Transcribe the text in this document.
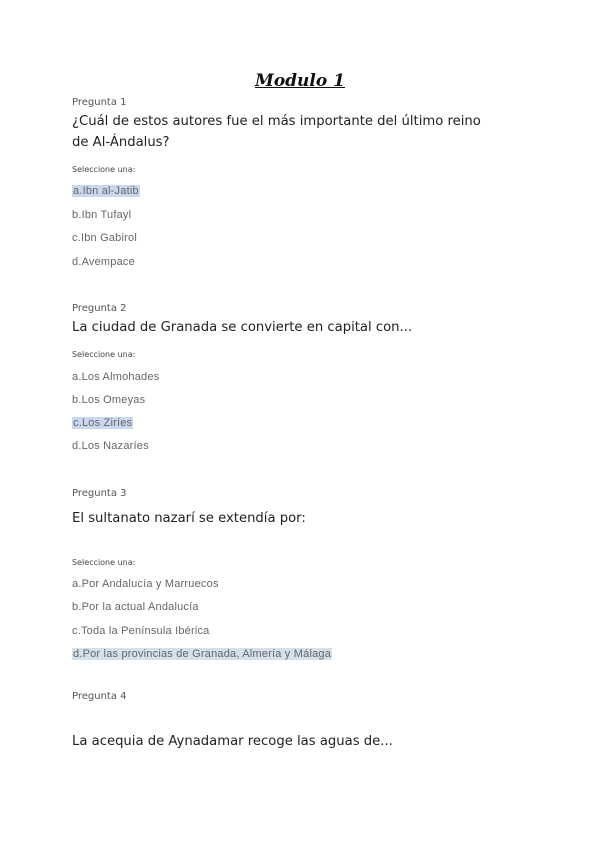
Modulo 1
Pregunta 1
¿Cuál de estos autores fue el más importante del último reino de Al-Ándalus?
Seleccione una:
a.Ibn al-Jatib
b.Ibn Tufayl
c.Ibn Gabirol
d.Avempace
Pregunta 2
La ciudad de Granada se convierte en capital con...
Seleccione una:
a.Los Almohades
b.Los Omeyas
c.Los Ziríes
d.Los Nazaríes
Pregunta 3
El sultanato nazarí se extendía por:
Seleccione una:
a.Por Andalucía y Marruecos
b.Por la actual Andalucía
c.Toda la Península Ibérica
d.Por las provincias de Granada, Almería y Málaga
Pregunta 4
La acequia de Aynadamar recoge las aguas de...
